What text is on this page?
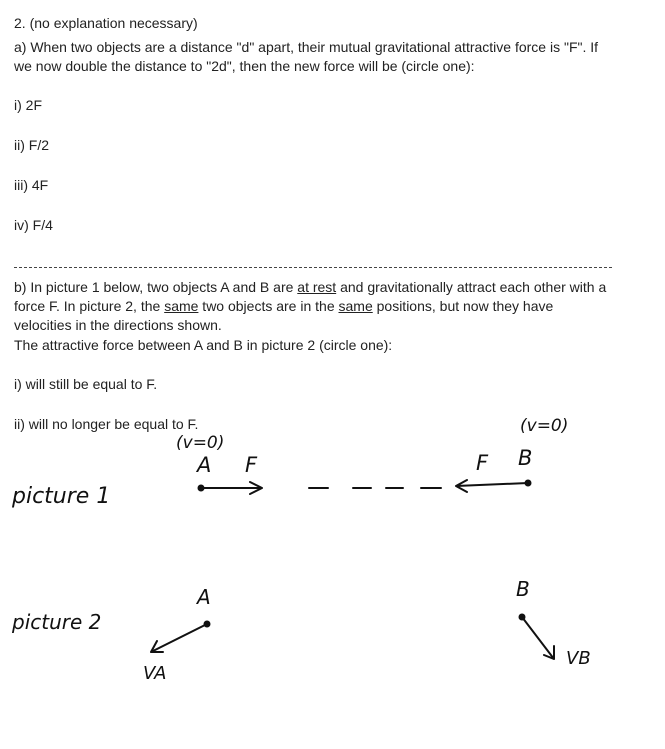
2. (no explanation necessary)
a) When two objects are a distance "d" apart, their mutual gravitational attractive force is "F". If
we now double the distance to "2d", then the new force will be (circle one):
i) 2F
ii) F/2
iii) 4F
iv) F/4
b) In picture 1 below, two objects A and B are at rest and gravitationally attract each other with a
force F. In picture 2, the same two objects are in the same positions, but now they have
velocities in the directions shown.
The attractive force between A and B in picture 2 (circle one):
i) will still be equal to F.
ii) will no longer be equal to F.
(v=0)
A F
(v=0)
F B
picture 1
A	B
picture 2
VA
VB
